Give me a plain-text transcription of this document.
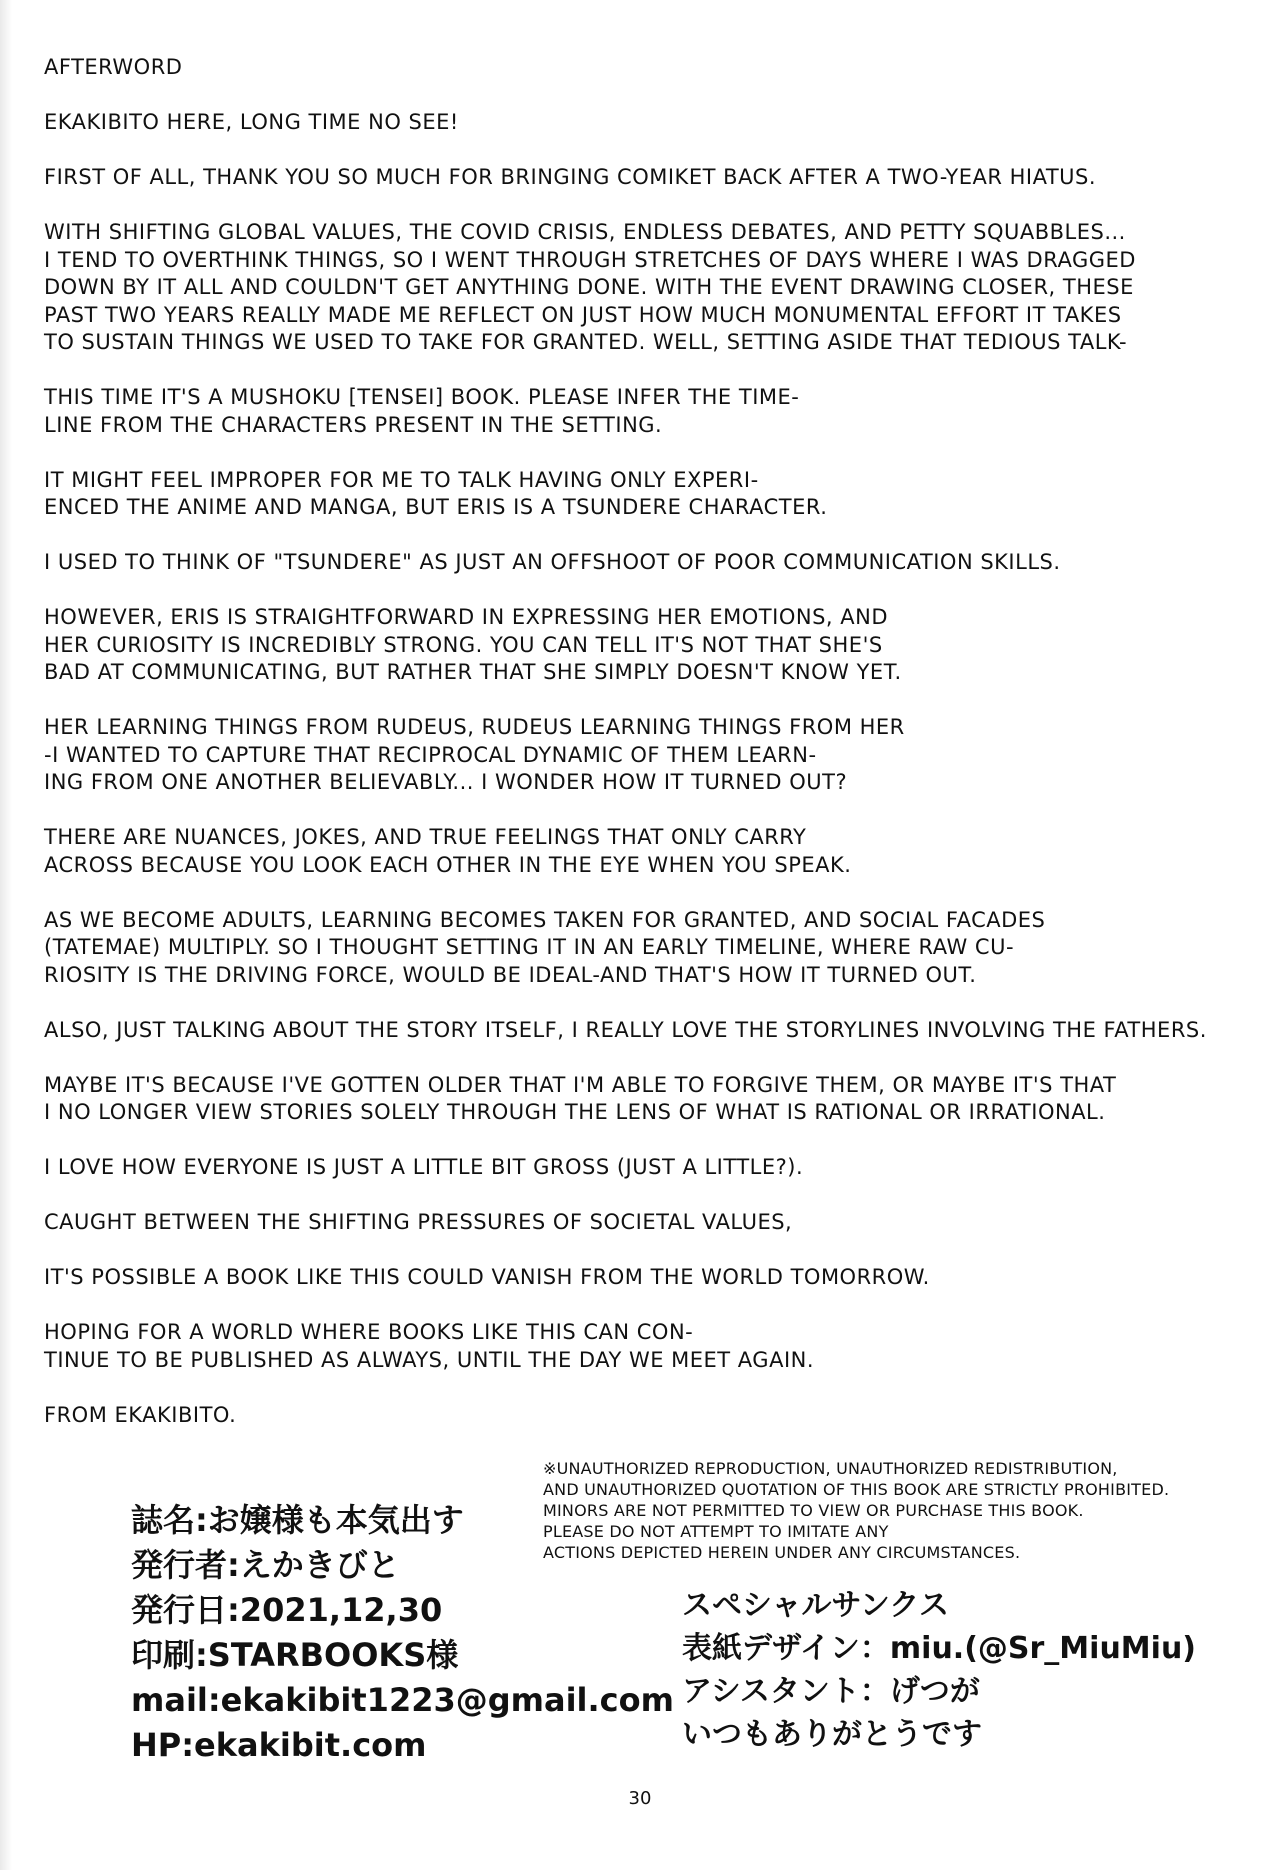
AFTERWORD
EKAKIBITO HERE, LONG TIME NO SEE!
FIRST OF ALL, THANK YOU SO MUCH FOR BRINGING COMIKET BACK AFTER A TWO-YEAR HIATUS.
WITH SHIFTING GLOBAL VALUES, THE COVID CRISIS, ENDLESS DEBATES, AND PETTY SQUABBLES...
I TEND TO OVERTHINK THINGS, SO I WENT THROUGH STRETCHES OF DAYS WHERE I WAS DRAGGED
DOWN BY IT ALL AND COULDN'T GET ANYTHING DONE. WITH THE EVENT DRAWING CLOSER, THESE
PAST TWO YEARS REALLY MADE ME REFLECT ON JUST HOW MUCH MONUMENTAL EFFORT IT TAKES
TO SUSTAIN THINGS WE USED TO TAKE FOR GRANTED. WELL, SETTING ASIDE THAT TEDIOUS TALK-
THIS TIME IT'S A MUSHOKU [TENSEI] BOOK. PLEASE INFER THE TIME-
LINE FROM THE CHARACTERS PRESENT IN THE SETTING.
IT MIGHT FEEL IMPROPER FOR ME TO TALK HAVING ONLY EXPERI-
ENCED THE ANIME AND MANGA, BUT ERIS IS A TSUNDERE CHARACTER.
I USED TO THINK OF "TSUNDERE" AS JUST AN OFFSHOOT OF POOR COMMUNICATION SKILLS.
HOWEVER, ERIS IS STRAIGHTFORWARD IN EXPRESSING HER EMOTIONS, AND
HER CURIOSITY IS INCREDIBLY STRONG. YOU CAN TELL IT'S NOT THAT SHE'S
BAD AT COMMUNICATING, BUT RATHER THAT SHE SIMPLY DOESN'T KNOW YET.
HER LEARNING THINGS FROM RUDEUS, RUDEUS LEARNING THINGS FROM HER
-I WANTED TO CAPTURE THAT RECIPROCAL DYNAMIC OF THEM LEARN-
ING FROM ONE ANOTHER BELIEVABLY... I WONDER HOW IT TURNED OUT?
THERE ARE NUANCES, JOKES, AND TRUE FEELINGS THAT ONLY CARRY
ACROSS BECAUSE YOU LOOK EACH OTHER IN THE EYE WHEN YOU SPEAK.
AS WE BECOME ADULTS, LEARNING BECOMES TAKEN FOR GRANTED, AND SOCIAL FACADES
(TATEMAE) MULTIPLY. SO I THOUGHT SETTING IT IN AN EARLY TIMELINE, WHERE RAW CU-
RIOSITY IS THE DRIVING FORCE, WOULD BE IDEAL-AND THAT'S HOW IT TURNED OUT.
ALSO, JUST TALKING ABOUT THE STORY ITSELF, I REALLY LOVE THE STORYLINES INVOLVING THE FATHERS.
MAYBE IT'S BECAUSE I'VE GOTTEN OLDER THAT I'M ABLE TO FORGIVE THEM, OR MAYBE IT'S THAT
I NO LONGER VIEW STORIES SOLELY THROUGH THE LENS OF WHAT IS RATIONAL OR IRRATIONAL.
I LOVE HOW EVERYONE IS JUST A LITTLE BIT GROSS (JUST A LITTLE?).
CAUGHT BETWEEN THE SHIFTING PRESSURES OF SOCIETAL VALUES,
IT'S POSSIBLE A BOOK LIKE THIS COULD VANISH FROM THE WORLD TOMORROW.
HOPING FOR A WORLD WHERE BOOKS LIKE THIS CAN CON-
TINUE TO BE PUBLISHED AS ALWAYS, UNTIL THE DAY WE MEET AGAIN.
FROM EKAKIBITO.
※UNAUTHORIZED REPRODUCTION, UNAUTHORIZED REDISTRIBUTION,
AND UNAUTHORIZED QUOTATION OF THIS BOOK ARE STRICTLY PROHIBITED.
MINORS ARE NOT PERMITTED TO VIEW OR PURCHASE THIS BOOK.
PLEASE DO NOT ATTEMPT TO IMITATE ANY
ACTIONS DEPICTED HEREIN UNDER ANY CIRCUMSTANCES.
誌名:お嬢様も本気出す
発行者:えかきびと
発行日:2021,12,30
印刷:STARBOOKS様
mail:ekakibit1223@gmail.com
HP:ekakibit.com
スペシャルサンクス
表紙デザイン：miu.(@Sr_MiuMiu)
アシスタント：げつが
いつもありがとうです
30
